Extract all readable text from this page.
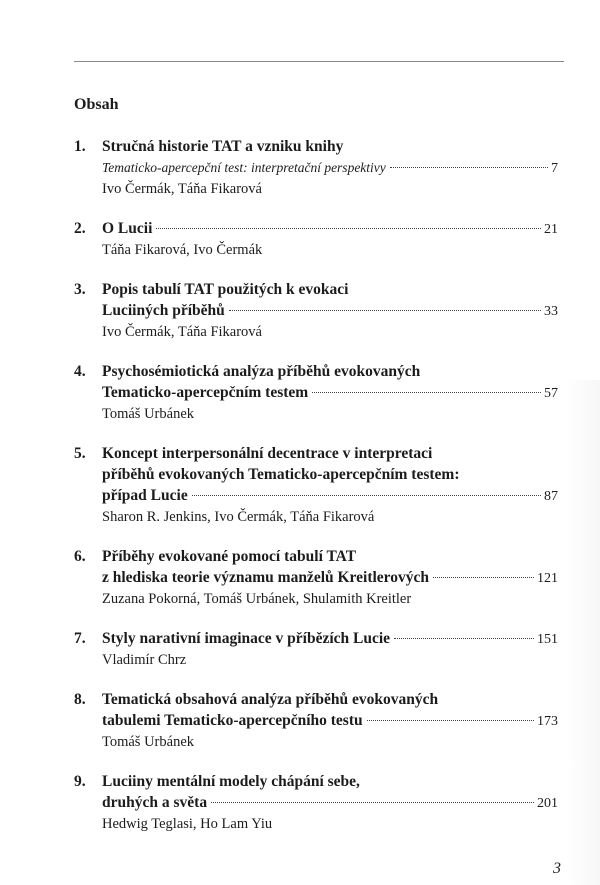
Obsah
1. Stručná historie TAT a vzniku knihy
Tematicko-apercepční test: interpretační perspektivy	7
Ivo Čermák, Táňa Fikarová
2. O Lucii	21
Táňa Fikarová, Ivo Čermák
3. Popis tabulí TAT použitých k evokaci
Luciiných příběhů	33
Ivo Čermák, Táňa Fikarová
4. Psychosémiotická analýza příběhů evokovaných
Tematicko-apercepčním testem	57
Tomáš Urbánek
5. Koncept interpersonální decentrace v interpretaci
příběhů evokovaných Tematicko-apercepčním testem:
případ Lucie	87
Sharon R. Jenkins, Ivo Čermák, Táňa Fikarová
6. Příběhy evokované pomocí tabulí TAT
z hlediska teorie významu manželů Kreitlerových	121
Zuzana Pokorná, Tomáš Urbánek, Shulamith Kreitler
7. Styly narativní imaginace v příbězích Lucie	151
Vladimír Chrz
8. Tematická obsahová analýza příběhů evokovaných
tabulemi Tematicko-apercepčního testu	173
Tomáš Urbánek
9. Luciiny mentální modely chápání sebe,
druhých a světa	201
Hedwig Teglasi, Ho Lam Yiu
3
